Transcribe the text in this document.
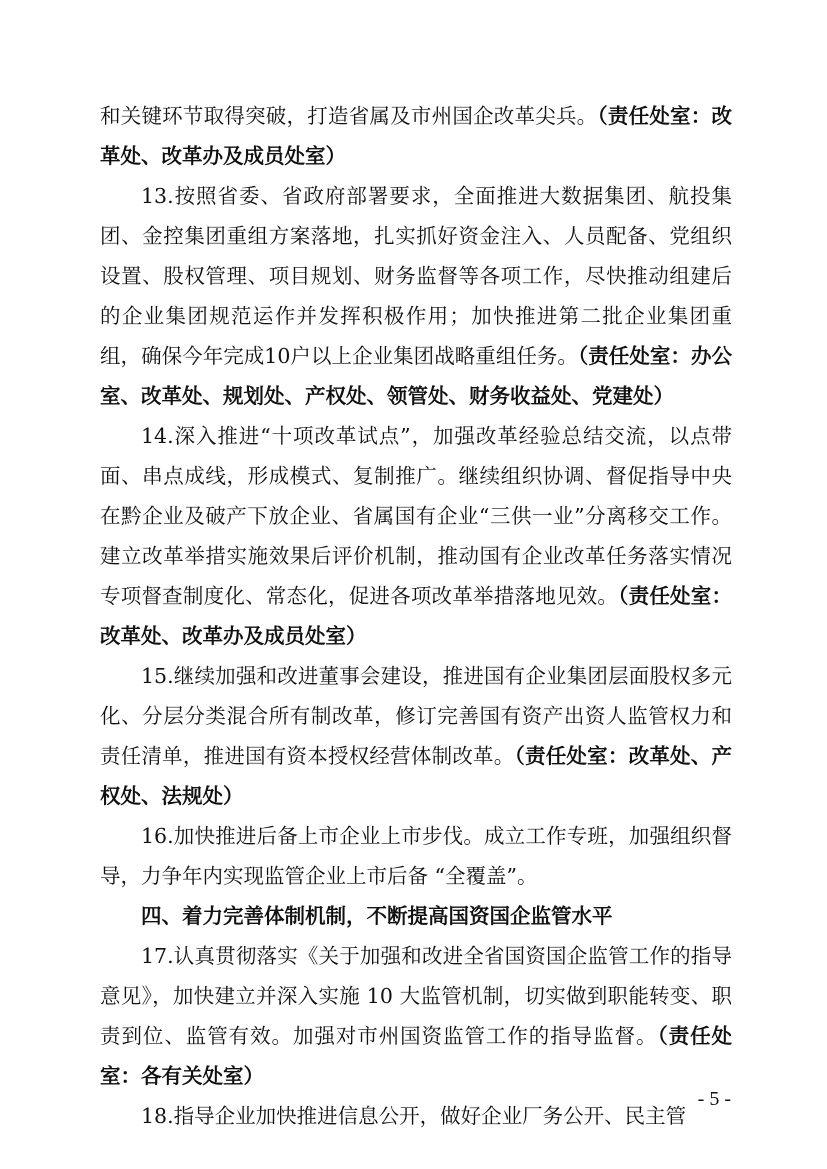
和关键环节取得突破，打造省属及市州国企改革尖兵。（责任处室：改革处、改革办及成员处室）

13.按照省委、省政府部署要求，全面推进大数据集团、航投集团、金控集团重组方案落地，扎实抓好资金注入、人员配备、党组织设置、股权管理、项目规划、财务监督等各项工作，尽快推动组建后的企业集团规范运作并发挥积极作用；加快推进第二批企业集团重组，确保今年完成10户以上企业集团战略重组任务。（责任处室：办公室、改革处、规划处、产权处、领管处、财务收益处、党建处）

14.深入推进“十项改革试点”，加强改革经验总结交流，以点带面、串点成线，形成模式、复制推广。继续组织协调、督促指导中央在黔企业及破产下放企业、省属国有企业“三供一业”分离移交工作。建立改革举措实施效果后评价机制，推动国有企业改革任务落实情况专项督查制度化、常态化，促进各项改革举措落地见效。（责任处室：改革处、改革办及成员处室）

15.继续加强和改进董事会建设，推进国有企业集团层面股权多元化、分层分类混合所有制改革，修订完善国有资产出资人监管权力和责任清单，推进国有资本授权经营体制改革。（责任处室：改革处、产权处、法规处）

16.加快推进后备上市企业上市步伐。成立工作专班，加强组织督导，力争年内实现监管企业上市后备 “全覆盖”。

四、着力完善体制机制，不断提高国资国企监管水平

17.认真贯彻落实《关于加强和改进全省国资国企监管工作的指导意见》，加快建立并深入实施 10 大监管机制，切实做到职能转变、职责到位、监管有效。加强对市州国资监管工作的指导监督。（责任处室：各有关处室）

18.指导企业加快推进信息公开，做好企业厂务公开、民主管

- 5 -
